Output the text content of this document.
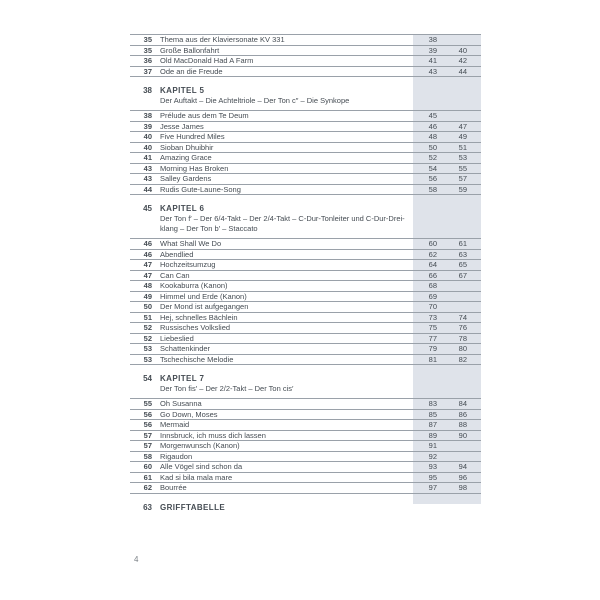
35 Thema aus der Klaviersonate KV 331	38
35 Große Ballonfahrt	39	40
36 Old MacDonald Had A Farm	41	42
37 Ode an die Freude	43	44
38 KAPITEL 5
Der Auftakt – Die Achteltriole – Der Ton c″ – Die Synkope
38 Prélude aus dem Te Deum	45
39 Jesse James	46	47
40 Five Hundred Miles	48	49
40 Sioban Dhuibhir	50	51
41 Amazing Grace	52	53
43 Morning Has Broken	54	55
43 Salley Gardens	56	57
44 Rudis Gute-Laune-Song	58	59
45 KAPITEL 6
Der Ton f′ – Der 6/4-Takt – Der 2/4-Takt – C-Dur-Tonleiter und C-Dur-Drei-
klang – Der Ton b′ – Staccato
46 What Shall We Do	60	61
46 Abendlied	62	63
47 Hochzeitsumzug	64	65
47 Can Can	66	67
48 Kookaburra (Kanon)	68
49 Himmel und Erde (Kanon)	69
50 Der Mond ist aufgegangen	70
51 Hej, schnelles Bächlein	73	74
52 Russisches Volkslied	75	76
52 Liebeslied	77	78
53 Schattenkinder	79	80
53 Tschechische Melodie	81	82
54 KAPITEL 7
Der Ton fis′ – Der 2/2-Takt – Der Ton cis′
55 Oh Susanna	83	84
56 Go Down, Moses	85	86
56 Mermaid	87	88
57 Innsbruck, ich muss dich lassen	89	90
57 Morgenwunsch (Kanon)	91
58 Rigaudon	92
60 Alle Vögel sind schon da	93	94
61 Kad si bila mala mare	95	96
62 Bourrée	97	98
63 GRIFFTABELLE
4
